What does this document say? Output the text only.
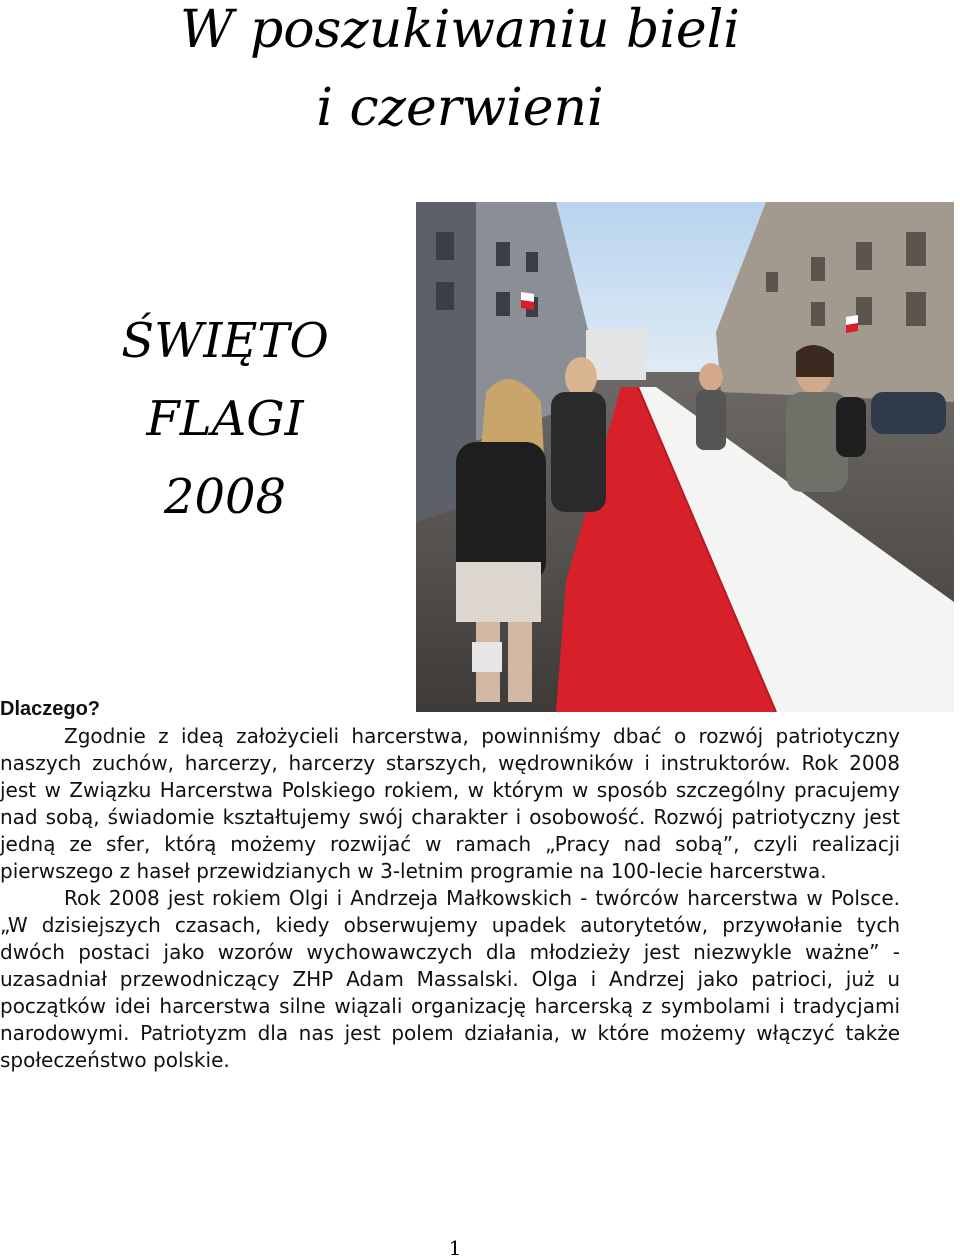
W poszukiwaniu bieli
i czerwieni
ŚWIĘTO
FLAGI
2008
Dlaczego?

Zgodnie z ideą założycieli harcerstwa, powinniśmy dbać o rozwój patriotyczny naszych zuchów, harcerzy, harcerzy starszych, wędrowników i instruktorów. Rok 2008 jest w Związku Harcerstwa Polskiego rokiem, w którym w sposób szczególny pracujemy nad sobą, świadomie kształtujemy swój charakter i osobowość. Rozwój patriotyczny jest jedną ze sfer, którą możemy rozwijać w ramach „Pracy nad sobą”, czyli realizacji pierwszego z haseł przewidzianych w 3-letnim programie na 100-lecie harcerstwa.

Rok 2008 jest rokiem Olgi i Andrzeja Małkowskich - twórców harcerstwa w Polsce. „W dzisiejszych czasach, kiedy obserwujemy upadek autorytetów, przywołanie tych dwóch postaci jako wzorów wychowawczych dla młodzieży jest niezwykle ważne” - uzasadniał przewodniczący ZHP Adam Massalski. Olga i Andrzej jako patrioci, już u początków idei harcerstwa silne wiązali organizację harcerską z symbolami i tradycjami narodowymi. Patriotyzm dla nas jest polem działania, w które możemy włączyć także społeczeństwo polskie.

1
